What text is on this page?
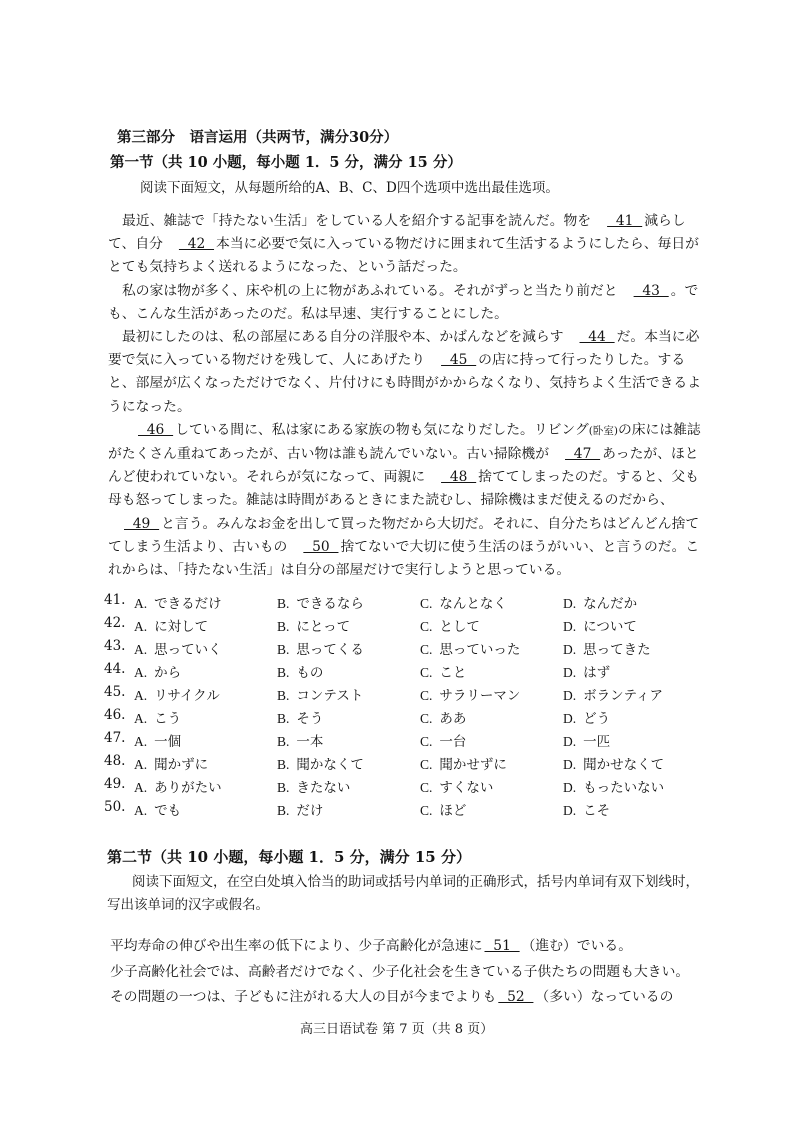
第三部分　语言运用（共两节，满分30分）
第一节（共 10 小题，每小题 1．5 分，满分 15 分）
阅读下面短文，从每题所给的A、B、C、D四个选项中选出最佳选项。

最近、雑誌で「持たない生活」をしている人を紹介する記事を読んだ。物を  41  減らして、自分  42  本当に必要で気に入っている物だけに囲まれて生活するようにしたら、毎日がとても気持ちよく送れるようになった、という話だった。

私の家は物が多く、床や机の上に物があふれている。それがずっと当たり前だと  43  。でも、こんな生活があったのだ。私は早速、実行することにした。

最初にしたのは、私の部屋にある自分の洋服や本、かばんなどを減らす  44  だ。本当に必要で気に入っている物だけを残して、人にあげたり  45  の店に持って行ったりした。すると、部屋が広くなっただけでなく、片付けにも時間がかからなくなり、気持ちよく生活できるようになった。

46  している間に、私は家にある家族の物も気になりだした。リビング(卧室)の床には雑誌がたくさん重ねてあったが、古い物は誰も読んでいない。古い掃除機が  47  あったが、ほとんど使われていない。それらが気になって、両親に  48  捨ててしまったのだ。すると、父も母も怒ってしまった。雑誌は時間があるときにまた読むし、掃除機はまだ使えるのだから、  49  と言う。みんなお金を出して買った物だから大切だ。それに、自分たちはどんどん捨ててしまう生活より、古いもの  50  捨てないで大切に使う生活のほうがいい、と言うのだ。これからは、「持たない生活」は自分の部屋だけで実行しようと思っている。

41. A. できるだけ	B. できるなら	C. なんとなく	D. なんだか
42. A. に対して	B. にとって	C. として	D. について
43. A. 思っていく	B. 思ってくる	C. 思っていった	D. 思ってきた
44. A. から	B. もの	C. こと	D. はず
45. A. リサイクル	B. コンテスト	C. サラリーマン	D. ボランティア
46. A. こう	B. そう	C. ああ	D. どう
47. A. 一個	B. 一本	C. 一台	D. 一匹
48. A. 聞かずに	B. 聞かなくて	C. 聞かせずに	D. 聞かせなくて
49. A. ありがたい	B. きたない	C. すくない	D. もったいない
50. A. でも	B. だけ	C. ほど	D. こそ
第二节（共 10 小题，每小题 1．5 分，满分 15 分）
阅读下面短文，在空白处填入恰当的助词或括号内单词的正确形式，括号内单词有双下划线时，
写出该单词的汉字或假名。

平均寿命の伸びや出生率の低下により、少子高齢化が急速に  51  （進む）でいる。

少子高齢化社会では、高齢者だけでなく、少子化社会を生きている子供たちの問題も大きい。

その問題の一つは、子どもに注がれる大人の目が今までよりも  52  （多い）なっているの

高三日语试卷 第 7 页（共 8 页）
